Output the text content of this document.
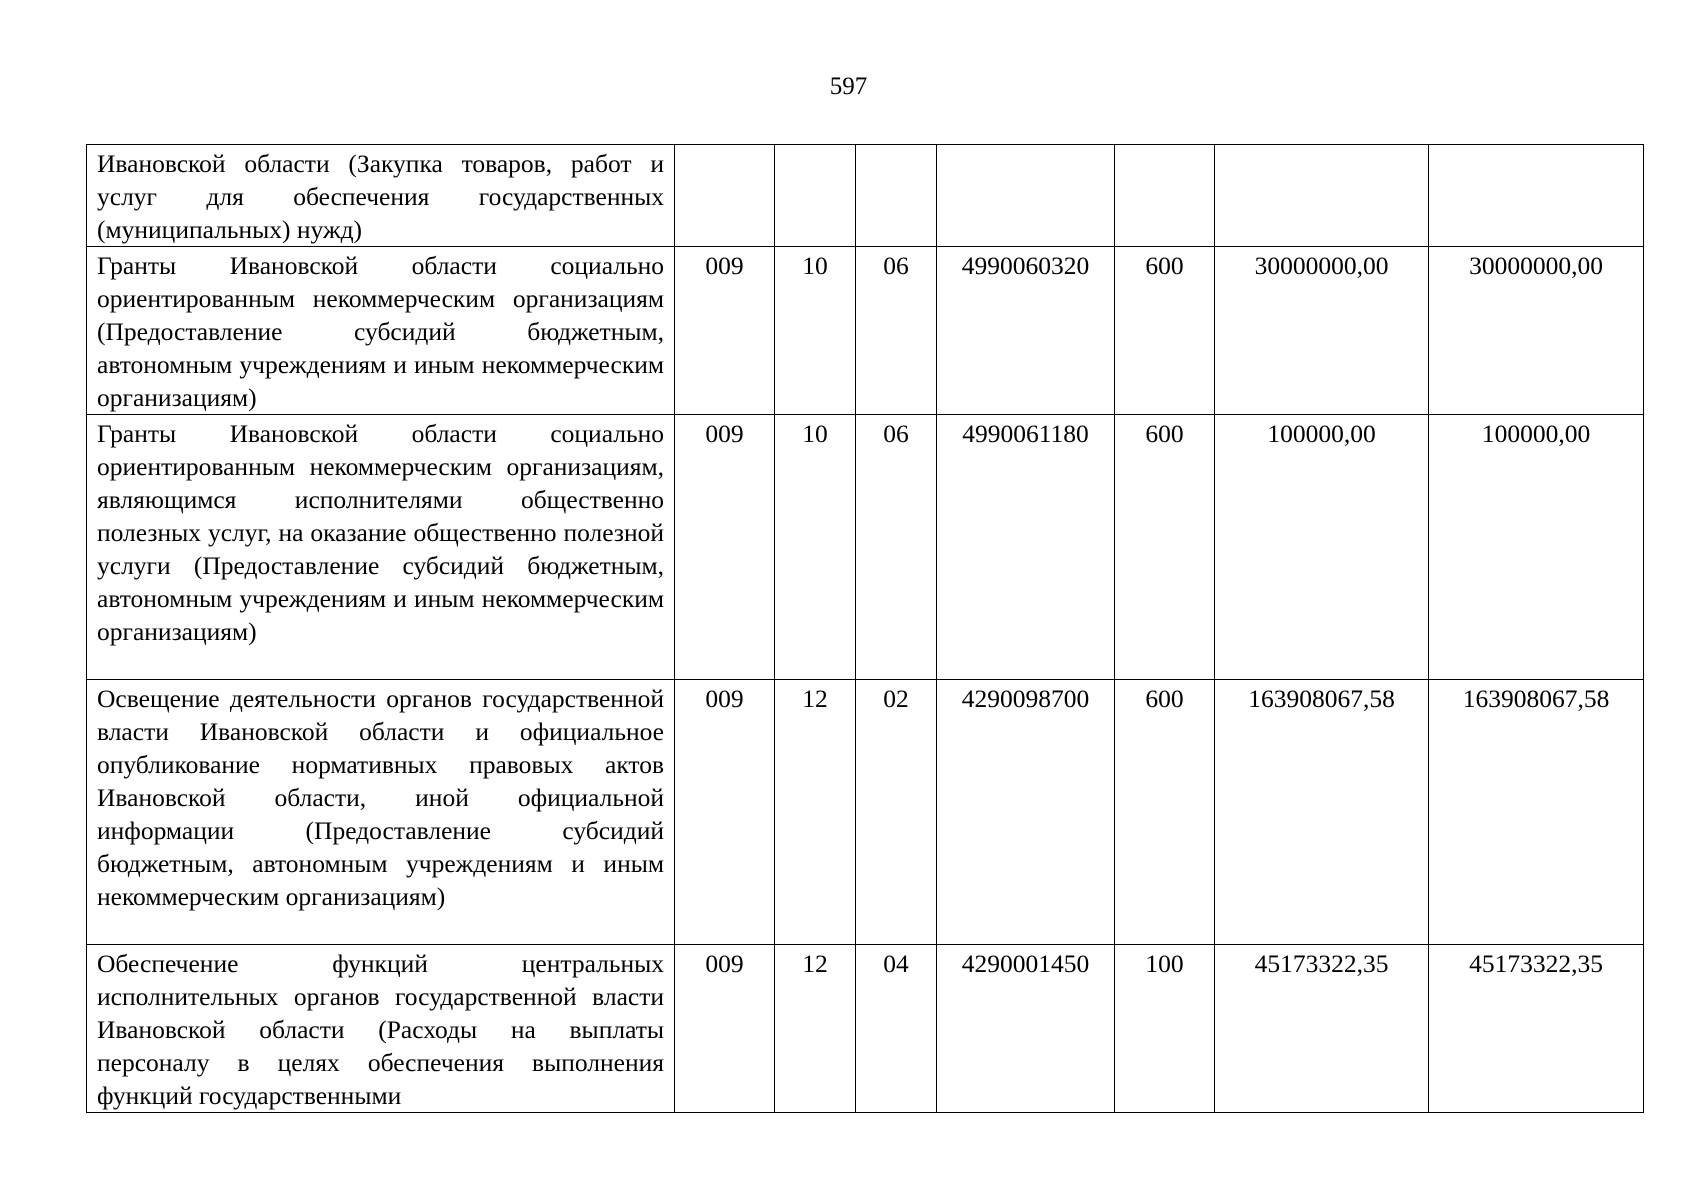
597
Ивановской области (Закупка товаров, работ и услуг для обеспечения государственных (муниципальных) нужд)							
Гранты Ивановской области социально ориентированным некоммерческим организациям (Предоставление субсидий бюджетным, автономным учреждениям и иным некоммерческим организациям)	009	10	06	4990060320	600	30000000,00	30000000,00
Гранты Ивановской области социально ориентированным некоммерческим организациям, являющимся исполнителями общественно полезных услуг, на оказание общественно полезной услуги (Предоставление субсидий бюджетным, автономным учреждениям и иным некоммерческим организациям)	009	10	06	4990061180	600	100000,00	100000,00
Освещение деятельности органов государственной власти Ивановской области и официальное опубликование нормативных правовых актов Ивановской области, иной официальной информации (Предоставление субсидий бюджетным, автономным учреждениям и иным некоммерческим организациям)	009	12	02	4290098700	600	163908067,58	163908067,58
Обеспечение функций центральных исполнительных органов государственной власти Ивановской области (Расходы на выплаты персоналу в целях обеспечения выполнения функций государственными	009	12	04	4290001450	100	45173322,35	45173322,35
